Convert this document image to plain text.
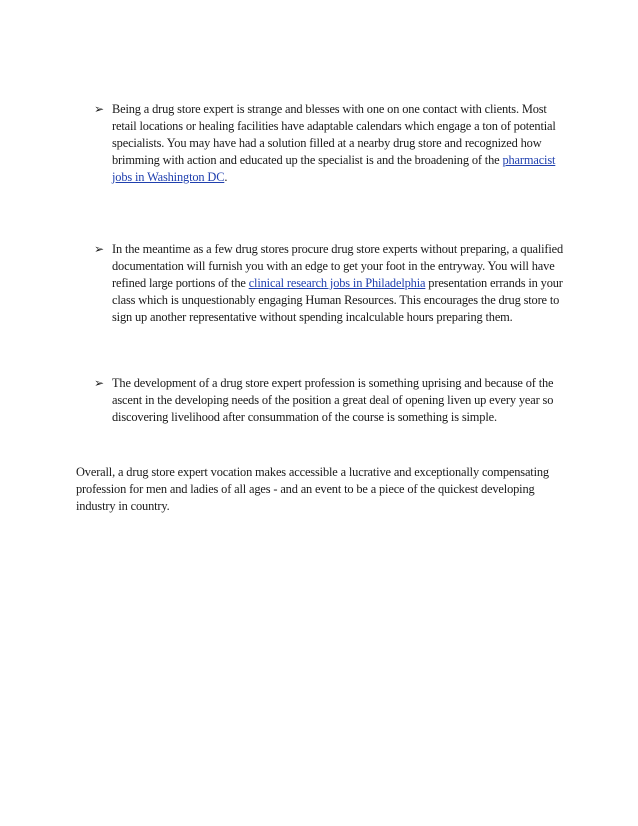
➢ Being a drug store expert is strange and blesses with one on one contact with clients. Most retail locations or healing facilities have adaptable calendars which engage a ton of potential specialists. You may have had a solution filled at a nearby drug store and recognized how brimming with action and educated up the specialist is and the broadening of the pharmacist jobs in Washington DC.
➢ In the meantime as a few drug stores procure drug store experts without preparing, a qualified documentation will furnish you with an edge to get your foot in the entryway. You will have refined large portions of the clinical research jobs in Philadelphia presentation errands in your class which is unquestionably engaging Human Resources. This encourages the drug store to sign up another representative without spending incalculable hours preparing them.
➢ The development of a drug store expert profession is something uprising and because of the ascent in the developing needs of the position a great deal of opening liven up every year so discovering livelihood after consummation of the course is something is simple.

Overall, a drug store expert vocation makes accessible a lucrative and exceptionally compensating profession for men and ladies of all ages - and an event to be a piece of the quickest developing industry in country.
